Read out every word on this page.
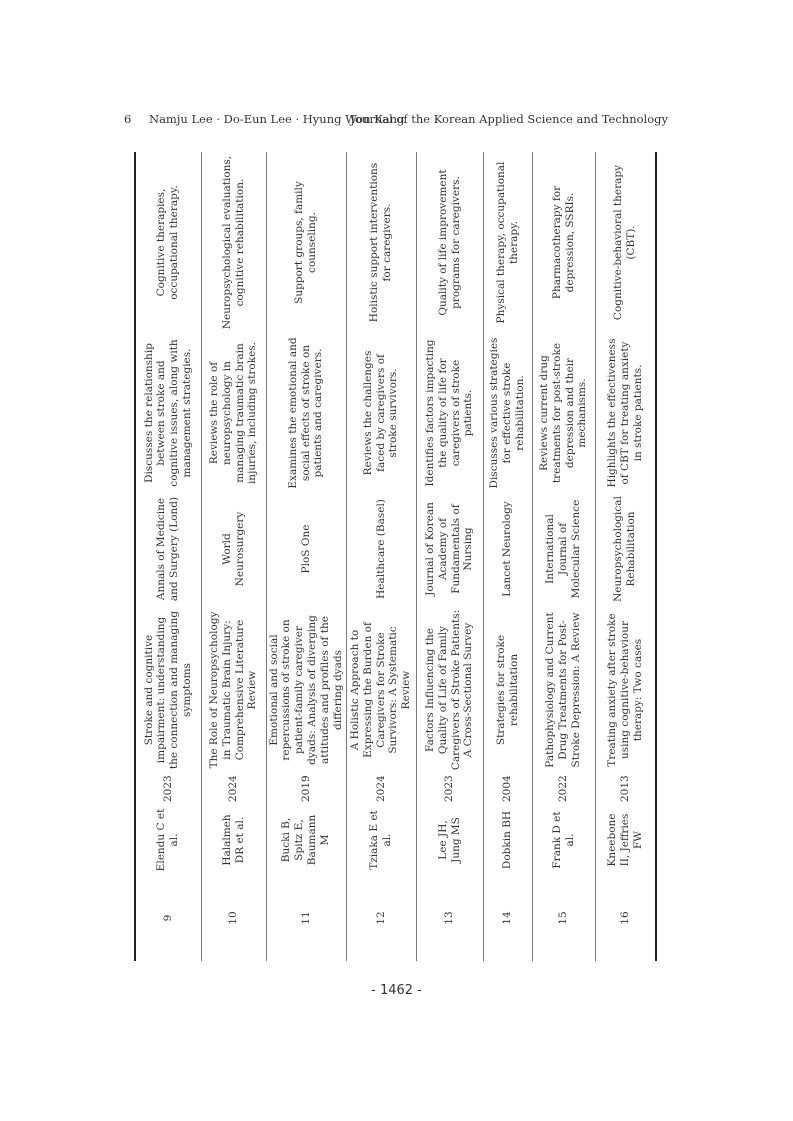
6 Namju Lee · Do-Eun Lee · Hyung Won Kang
Journal of the Korean Applied Science and Technology
9	Elendu C et al.	2023	Stroke and cognitive impairment: understanding the connection and managing symptoms	Annals of Medicine and Surgery (Lond)	Discusses the relationship between stroke and cognitive issues, along with management strategies.	Cognitive therapies, occupational therapy.
10	Halalmeh DR et al.	2024	The Role of Neuropsychology in Traumatic Brain Injury: Comprehensive Literature Review	World Neurosurgery	Reviews the role of neuropsychology in managing traumatic brain injuries, including strokes.	Neuropsychological evaluations, cognitive rehabilitation.
11	Bucki B, Spitz E, Baumann M	2019	Emotional and social repercussions of stroke on patient-family caregiver dyads: Analysis of diverging attitudes and profiles of the differing dyads	PloS One	Examines the emotional and social effects of stroke on patients and caregivers.	Support groups, family counseling.
12	Tziaka E et al.	2024	A Holistic Approach to Expressing the Burden of Caregivers for Stroke Survivors: A Systematic Review	Healthcare (Basel)	Reviews the challenges faced by caregivers of stroke survivors.	Holistic support interventions for caregivers.
13	Lee JH, Jung MS	2023	Factors Influencing the Quality of Life of Family Caregivers of Stroke Patients: A Cross-Sectional Survey	Journal of Korean Academy of Fundamentals of Nursing	Identifies factors impacting the quality of life for caregivers of stroke patients.	Quality of life improvement programs for caregivers.
14	Dobkin BH	2004	Strategies for stroke rehabilitation	Lancet Neurology	Discusses various strategies for effective stroke rehabilitation.	Physical therapy, occupational therapy.
15	Frank D et al.	2022	Pathophysiology and Current Drug Treatments for Post-Stroke Depression: A Review	International Journal of Molecular Science	Reviews current drug treatments for post-stroke depression and their mechanisms.	Pharmacotherapy for depression, SSRIs.
16	Kneebone II, Jeffries FW	2013	Treating anxiety after stroke using cognitive-behaviour therapy: Two cases	Neuropsychological Rehabilitation	Highlights the effectiveness of CBT for treating anxiety in stroke patients.	Cognitive-behavioral therapy (CBT).
- 1462 -
